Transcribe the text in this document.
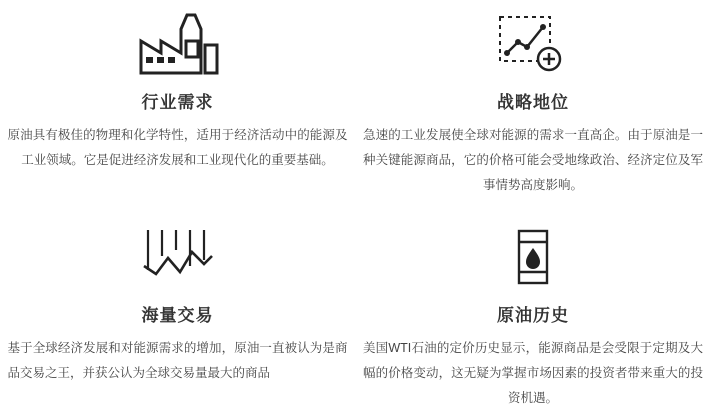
行业需求
原油具有极佳的物理和化学特性，适用于经济活动中的能源及工业领域。它是促进经济发展和工业现代化的重要基础。
战略地位
急速的工业发展使全球对能源的需求一直高企。由于原油是一种关键能源商品，它的价格可能会受地缘政治、经济定位及军事情势高度影响。
海量交易
基于全球经济发展和对能源需求的增加，原油一直被认为是商品交易之王，并获公认为全球交易量最大的商品
原油历史
美国WTI石油的定价历史显示，能源商品是会受限于定期及大幅的价格变动，这无疑为掌握市场因素的投资者带来重大的投资机遇。
